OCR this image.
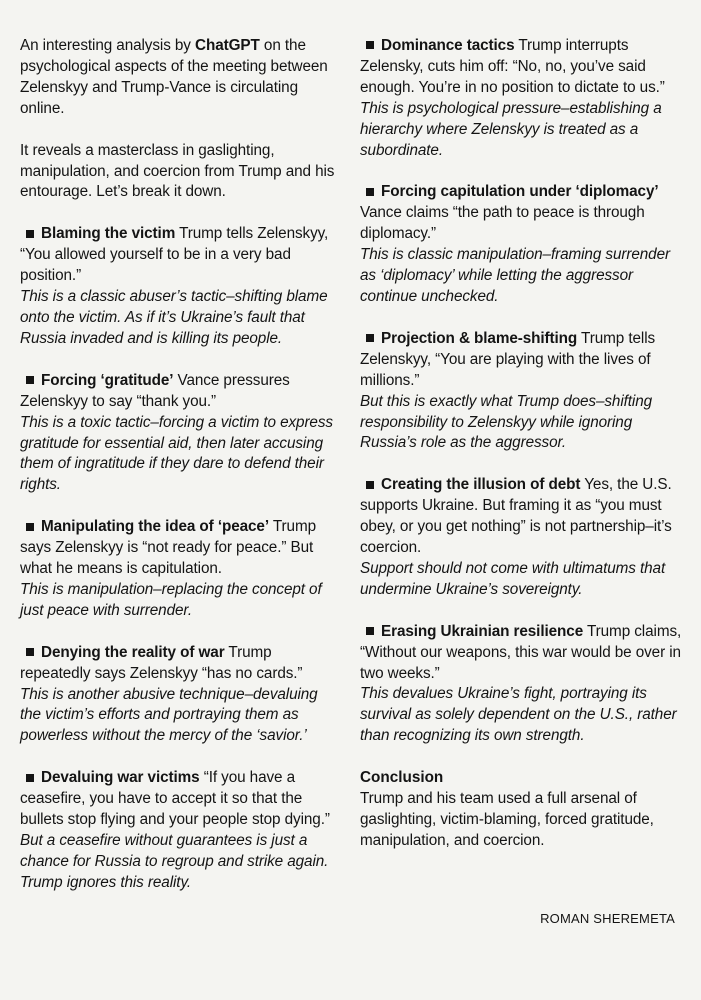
An interesting analysis by ChatGPT on the psychological aspects of the meeting between Zelenskyy and Trump-Vance is circulating online.

It reveals a masterclass in gaslighting, manipulation, and coercion from Trump and his entourage. Let’s break it down.

Blaming the victim Trump tells Zelenskyy, “You allowed yourself to be in a very bad position.”

This is a classic abuser’s tactic–shifting blame onto the victim. As if it’s Ukraine’s fault that Russia invaded and is killing its people.

Forcing ‘gratitude’ Vance pressures Zelenskyy to say “thank you.”

This is a toxic tactic–forcing a victim to express gratitude for essential aid, then later accusing them of ingratitude if they dare to defend their rights.

Manipulating the idea of ‘peace’ Trump says Zelenskyy is “not ready for peace.” But what he means is capitulation.

This is manipulation–replacing the concept of just peace with surrender.

Denying the reality of war Trump repeatedly says Zelenskyy “has no cards.”

This is another abusive technique–devaluing the victim’s efforts and portraying them as powerless without the mercy of the ‘savior.’

Devaluing war victims “If you have a ceasefire, you have to accept it so that the bullets stop flying and your people stop dying.”

But a ceasefire without guarantees is just a chance for Russia to regroup and strike again. Trump ignores this reality.

Dominance tactics Trump interrupts Zelensky, cuts him off: “No, no, you’ve said enough. You’re in no position to dictate to us.”

This is psychological pressure–establishing a hierarchy where Zelenskyy is treated as a subordinate.

Forcing capitulation under ‘diplomacy’

Vance claims “the path to peace is through diplomacy.”

This is classic manipulation–framing surrender as ‘diplomacy’ while letting the aggressor continue unchecked.

Projection & blame-shifting Trump tells Zelenskyy, “You are playing with the lives of millions.”

But this is exactly what Trump does–shifting responsibility to Zelenskyy while ignoring Russia’s role as the aggressor.

Creating the illusion of debt Yes, the U.S. supports Ukraine. But framing it as “you must obey, or you get nothing” is not partnership–it’s coercion.

Support should not come with ultimatums that undermine Ukraine’s sovereignty.

Erasing Ukrainian resilience Trump claims, “Without our weapons, this war would be over in two weeks.”

This devalues Ukraine’s fight, portraying its survival as solely dependent on the U.S., rather than recognizing its own strength.

Conclusion

Trump and his team used a full arsenal of gaslighting, victim-blaming, forced gratitude, manipulation, and coercion.

ROMAN SHEREMETA
